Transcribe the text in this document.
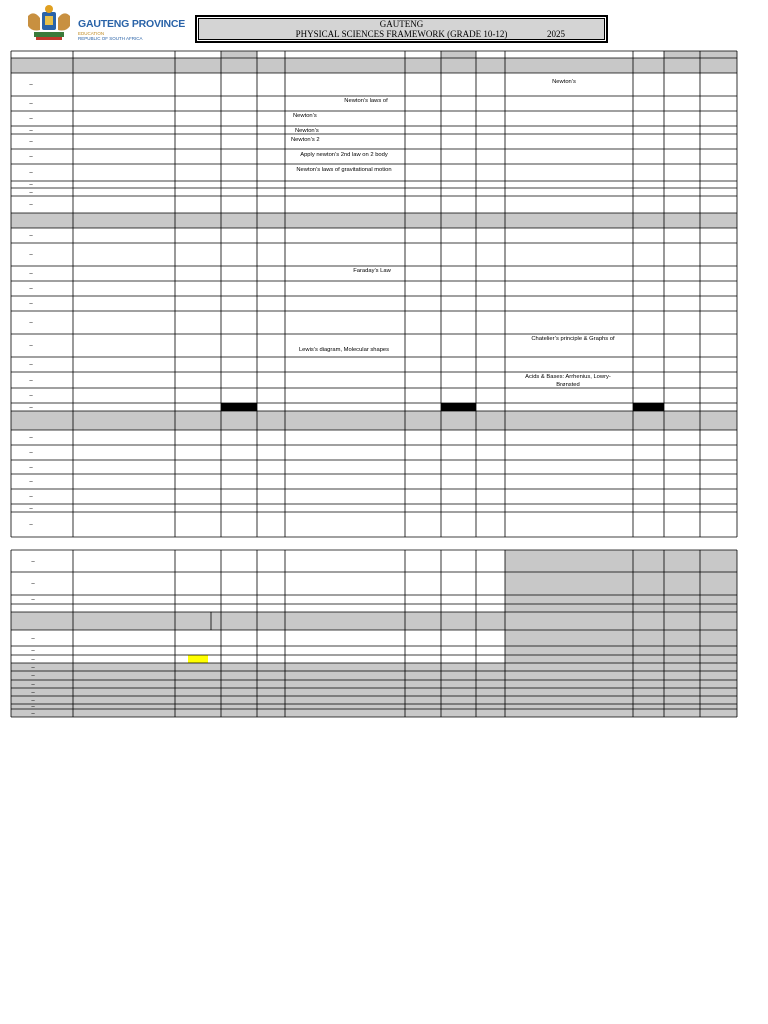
GAUTENG PROVINCE
EDUCATION
REPUBLIC OF SOUTH AFRICA
GAUTENG
PHYSICAL SCIENCES FRAMEWORK (GRADE 10-12)	2025
–
–
–
–
–
–
–
–
–
–
–
–
–
–
–
–
–
–
–
–
–
–
–
–
–
–
–
–
Newton’s
Newton’s laws of
Newton’s
Newton’s
Newton’s 2
Apply newton’s 2nd law on 2 body
Newton’s laws of gravitational motion
Faraday’s Law
Chatelier’s principle & Graphs of
Lewis’s diagram, Molecular shapes
Acids & Bases: Arrhenius, Lowry-
Brønsted
–
–
–
–
–
–
–
–
–
–
–
–
–
